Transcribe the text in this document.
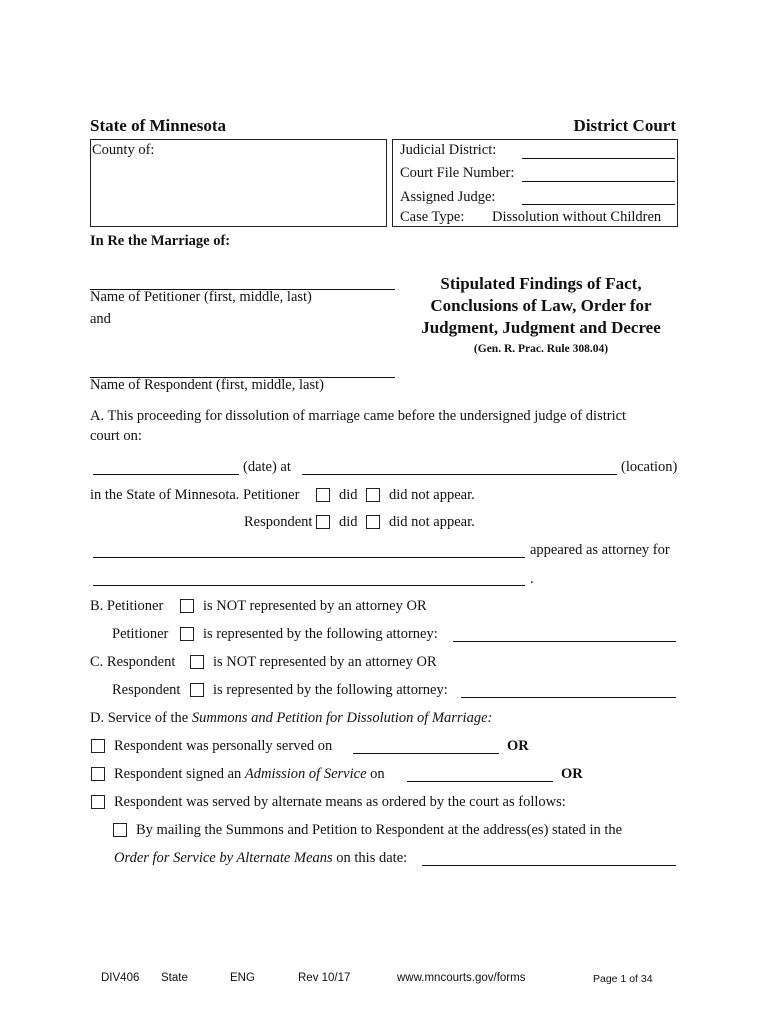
State of Minnesota	District Court
County of:	Judicial District:
Court File Number:
Assigned Judge:
Case Type: Dissolution without Children
In Re the Marriage of:
Name of Petitioner (first, middle, last)
and
Name of Respondent (first, middle, last)
Stipulated Findings of Fact,
Conclusions of Law, Order for
Judgment, Judgment and Decree
(Gen. R. Prac. Rule 308.04)
A. This proceeding for dissolution of marriage came before the undersigned judge of district
court on:
(date) at	(location)
in the State of Minnesota. Petitioner	did did not appear.
Respondent did did not appear.
appeared as attorney for
.
B. Petitioner	is NOT represented by an attorney OR
Petitioner is represented by the following attorney:
C. Respondent	is NOT represented by an attorney OR
Respondent is represented by the following attorney:
D. Service of the Summons and Petition for Dissolution of Marriage:
Respondent was personally served on	OR
Respondent signed an Admission of Service on	OR
Respondent was served by alternate means as ordered by the court as follows:
By mailing the Summons and Petition to Respondent at the address(es) stated in the
Order for Service by Alternate Means on this date:
DIV406 State	ENG	Rev 10/17	www.mncourts.gov/forms	Page 1 of 34
